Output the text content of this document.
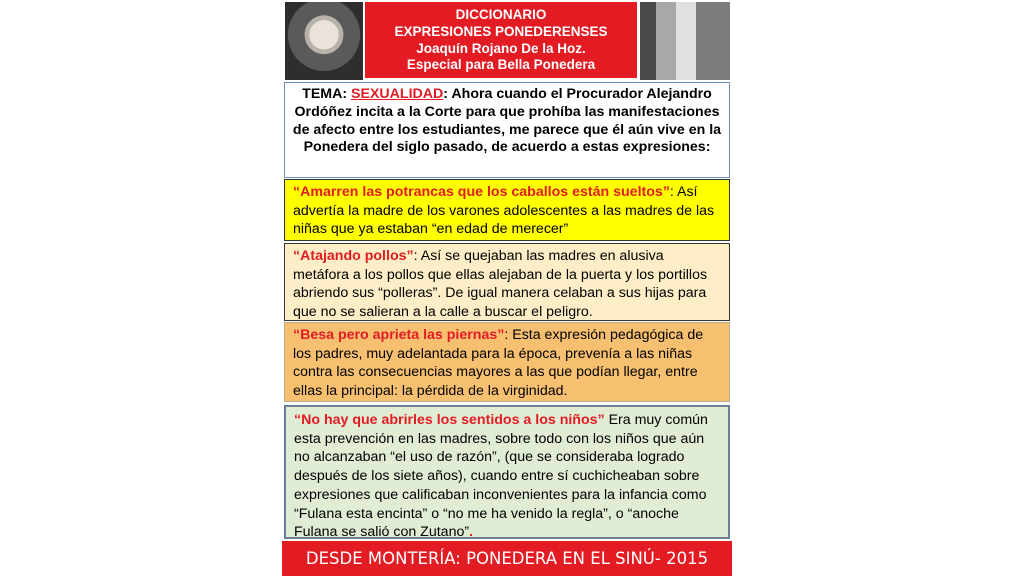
DICCIONARIO
EXPRESIONES PONEDERENSES
Joaquín Rojano De la Hoz.
Especial para Bella Ponedera
TEMA: SEXUALIDAD: Ahora cuando el Procurador Alejandro Ordóñez incita a la Corte para que prohíba las manifestaciones de afecto entre los estudiantes, me parece que él aún vive en la Ponedera del siglo pasado, de acuerdo a estas expresiones:
“Amarren las potrancas que los caballos están sueltos”: Así advertía la madre de los varones adolescentes a las madres de las niñas que ya estaban “en edad de merecer”
“Atajando pollos”: Así se quejaban las madres en alusiva metáfora a los pollos que ellas alejaban de la puerta y los portillos abriendo sus “polleras”. De igual manera celaban a sus hijas para que no se salieran a la calle a buscar el peligro.
“Besa pero aprieta las piernas”: Esta expresión pedagógica de los padres, muy adelantada para la época, prevenía a las niñas contra las consecuencias mayores a las que podían llegar, entre ellas la principal: la pérdida de la virginidad.
“No hay que abrirles los sentidos a los niños” Era muy común esta prevención en las madres, sobre todo con los niños que aún no alcanzaban “el uso de razón”, (que se consideraba logrado después de los siete años), cuando entre sí cuchicheaban sobre expresiones que calificaban inconvenientes para la infancia como “Fulana esta encinta” o “no me ha venido la regla”, o “anoche Fulana se salió con Zutano”.
DESDE MONTERÍA: PONEDERA EN EL SINÚ- 2015
